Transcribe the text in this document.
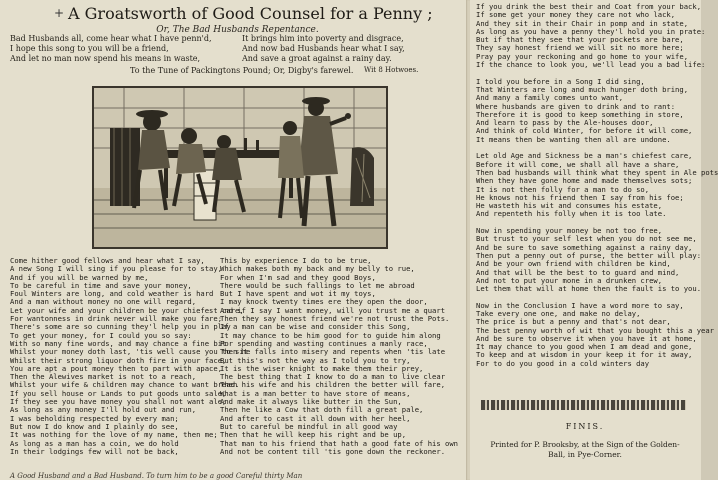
+ A Groatsworth of Good Counsel for a Penny ;
Or, The Bad Husbands Repentance.
Bad Husbands all, come hear what I have penn'd,
I hope this song to you will be a friend,
And let no man now spend his means in waste,
It brings him into poverty and disgrace,
And now bad Husbands hear what I say,
And save a groat against a rainy day.
To the Tune of Packingtons Pound; Or, Digby's farewel. Wit 8 Hotwoes.
Come hither good fellows and hear what I say,
A new Song I will sing if you please for to stay,
And if you will be warned by me,
To be careful in time and save your money,
Foul Winters are long, and cold weather is hard
And a man without money no one will regard,
Let your wife and your children be your chiefest care,
For wantonness in drink never will make you fare;
There's some are so cunning they'l help you in play
To get your money, for I could you so say:
With so many fine words, and may chance a fine bit
Whilst your money doth last, 'tis well cause you to sit
Whilst their strong liquor doth fire in your face,
You are apt a pout money then to part with apace,
Then the Alewives market is not to a reach,
Whilst your wife & children may chance to want bread.
If you sell house or Lands to put goods unto sale,
If they see you have money you shall not want ale;
As long as any money I'll hold out and run,
I was beholding respected by every man;
But now I do know and I plainly do see,
It was nothing for the love of my name, then me;
As long as a man has a coin, we do hold
In their lodgings few will not be back,
This by experience I do to be true,
Which makes both my back and my belly to rue,
For when I'm sad and they good Boys,
There would be such fallings to let me abroad
But I have spent and wot it my toys,
I may knock twenty times ere they open the door,
And if I say I want money, will you trust me a quart
Then they say honest friend we're not trust the Pots.
If a man can be wise and consider this Song,
It may chance to be him good for to guide him along
For spending and wasting continues a manly race,
Then he falls into misery and repents when 'tis late
But this's not the way as I told you to try,
It is the wiser knight to make them their prey,
The best thing that I know to do a man to live clear
Then his wife and his children the better will fare,
What is a man better to have store of means,
And make it always like butter in the Sun,
Then he like a Cow that doth fill a great pale,
And after to cast it all down with her heel,
But to careful be mindful in all good way
Then that he will keep his right and be up,
That man to his friend that hath a good fate of his own
And not be content till 'tis gone down the reckoner.
A Good Husband and a Bad Husband. To turn him to be a good Careful thirty Man
If you drink the best their and Coat from your back,
If some get your money they care not who lack,
And they sit in their Chair in pomp and in state,
As long as you have a penny they'l hold you in prate:
But if that they see that your pockets are bare,
They say honest friend we will sit no more here;
Pray pay your reckoning and go home to your wife,
If the chance to look you, we'll lead you a bad life:
I told you before in a Song I did sing,
That Winters are long and much hunger doth bring,
And many a family comes unto want,
Where husbands are given to drink and to rant:
Therefore it is good to keep something in store,
And learn to pass by the Ale-houses door,
And think of cold Winter, for before it will come,
It means then be wanting then all are undone.
Let old Age and Sickness be a man's chiefest care,
Before it will come, we shall all have a share,
Then bad husbands will think what they spent in Ale pots
When they have gone home and made themselves sots;
It is not then folly for a man to do so,
He knows not his friend then I say from his foe;
He wasteth his wit and consumes his estate,
And repenteth his folly when it is too late.
Now in spending your money be not too free,
But trust to your self lest when you do not see me,
And be sure to save something against a rainy day,
Then put a penny out of purse, the better will play:
And be your own friend with children be kind,
And that will be the best to to guard and mind,
And not to put your mone in a drunken crew,
Let them that will at home then the fault is to you.
Now in the Conclusion I have a word more to say,
Take every one one, and make no delay,
The price is but a penny and that's not dear,
The best penny worth of wit that you bought this a year
And be sure to observe it when you have it at home,
It may chance to you good when I am dead and gone,
To keep and at wisdom in your keep it for it away,
For to do you good in a cold winters day
FINIS.
Printed for P. Brooksby, at the Sign of the Golden-
Ball, in Pye-Corner.
